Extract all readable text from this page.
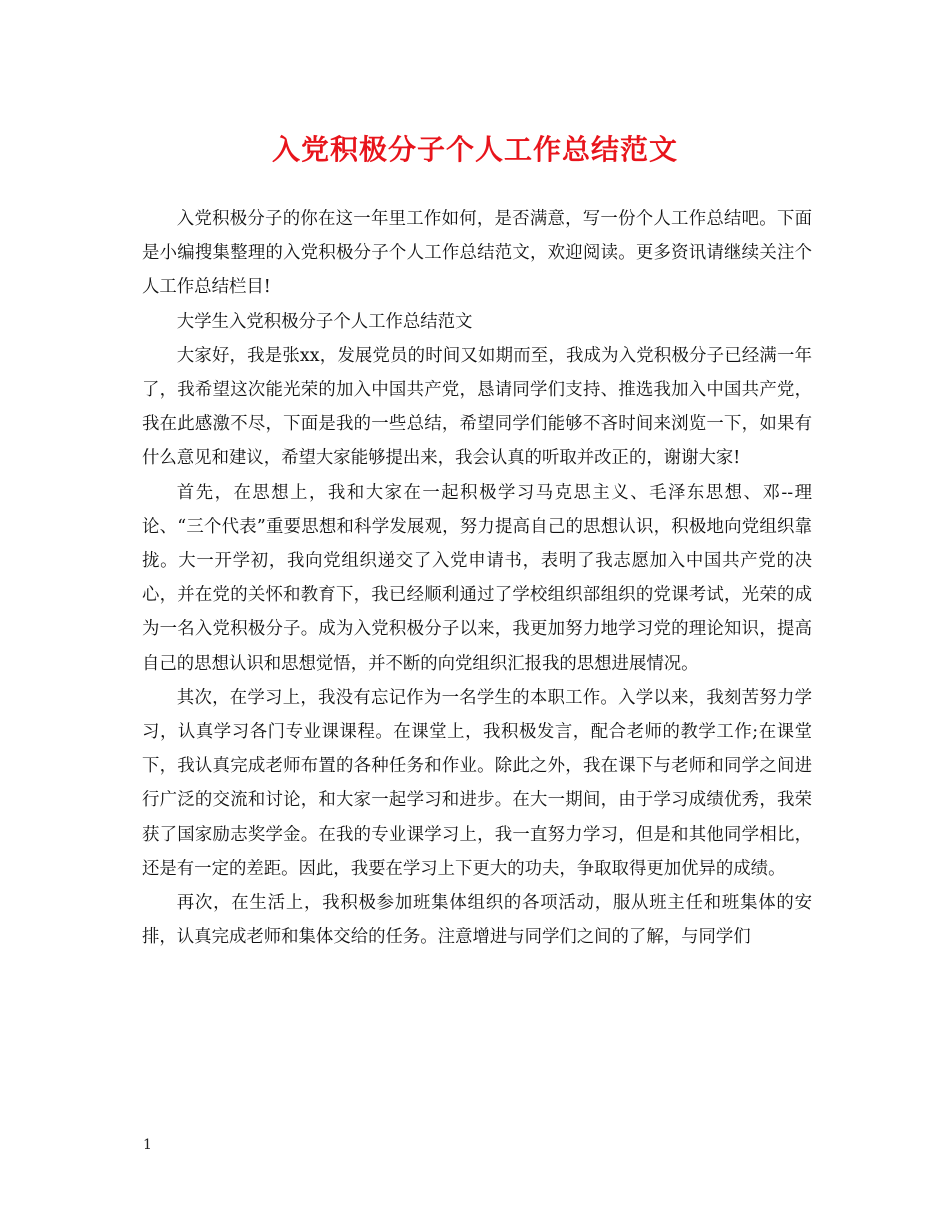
入党积极分子个人工作总结范文

入党积极分子的你在这一年里工作如何，是否满意，写一份个人工作总结吧。下面是小编搜集整理的入党积极分子个人工作总结范文，欢迎阅读。更多资讯请继续关注个人工作总结栏目!

大学生入党积极分子个人工作总结范文

大家好，我是张xx，发展党员的时间又如期而至，我成为入党积极分子已经满一年了，我希望这次能光荣的加入中国共产党，恳请同学们支持、推选我加入中国共产党，我在此感激不尽，下面是我的一些总结，希望同学们能够不吝时间来浏览一下，如果有什么意见和建议，希望大家能够提出来，我会认真的听取并改正的，谢谢大家!

首先，在思想上，我和大家在一起积极学习马克思主义、毛泽东思想、邓--理论、“三个代表”重要思想和科学发展观，努力提高自己的思想认识，积极地向党组织靠拢。大一开学初，我向党组织递交了入党申请书，表明了我志愿加入中国共产党的决心，并在党的关怀和教育下，我已经顺利通过了学校组织部组织的党课考试，光荣的成为一名入党积极分子。成为入党积极分子以来，我更加努力地学习党的理论知识，提高自己的思想认识和思想觉悟，并不断的向党组织汇报我的思想进展情况。

其次，在学习上，我没有忘记作为一名学生的本职工作。入学以来，我刻苦努力学习，认真学习各门专业课课程。在课堂上，我积极发言，配合老师的教学工作;在课堂下，我认真完成老师布置的各种任务和作业。除此之外，我在课下与老师和同学之间进行广泛的交流和讨论，和大家一起学习和进步。在大一期间，由于学习成绩优秀，我荣获了国家励志奖学金。在我的专业课学习上，我一直努力学习，但是和其他同学相比，还是有一定的差距。因此，我要在学习上下更大的功夫，争取取得更加优异的成绩。

再次，在生活上，我积极参加班集体组织的各项活动，服从班主任和班集体的安排，认真完成老师和集体交给的任务。注意增进与同学们之间的了解，与同学们

1
